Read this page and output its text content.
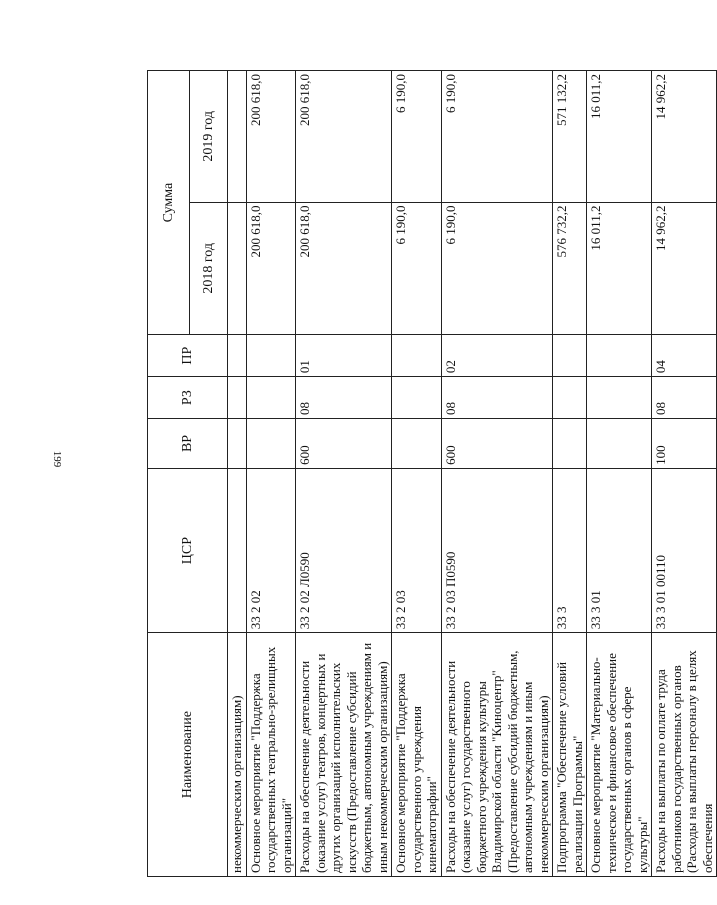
199
Наименование	ЦСР	ВР	РЗ	ПР	Сумма	
					2018 год	2019 год
некоммерческим организациям)						
Основное мероприятие "Поддержка государственных театрально-зрелищных организаций"	33 2 02				200 618,0	200 618,0
Расходы на обеспечение деятельности (оказание услуг) театров, концертных и других организаций исполнительских искусств (Предоставление субсидий бюджетным, автономным учреждениям и иным некоммерческим организациям)	33 2 02 Л0590	600	08	01	200 618,0	200 618,0
Основное мероприятие "Поддержка государственного учреждения кинематографии"	33 2 03				6 190,0	6 190,0
Расходы на обеспечение деятельности (оказание услуг) государственного бюджетного учреждения культуры Владимирской области "Киноцентр" (Предоставление субсидий бюджетным, автономным учреждениям и иным некоммерческим организациям)	33 2 03 П0590	600	08	02	6 190,0	6 190,0
Подпрограмма "Обеспечение условий реализации Программы"	33 3				576 732,2	571 132,2
Основное мероприятие "Материально-техническое и финансовое обеспечение государственных органов в сфере культуры"	33 3 01				16 011,2	16 011,2
Расходы на выплаты по оплате труда работников государственных органов (Расходы на выплаты персоналу в целях обеспечения	33 3 01 00110	100	08	04	14 962,2	14 962,2
